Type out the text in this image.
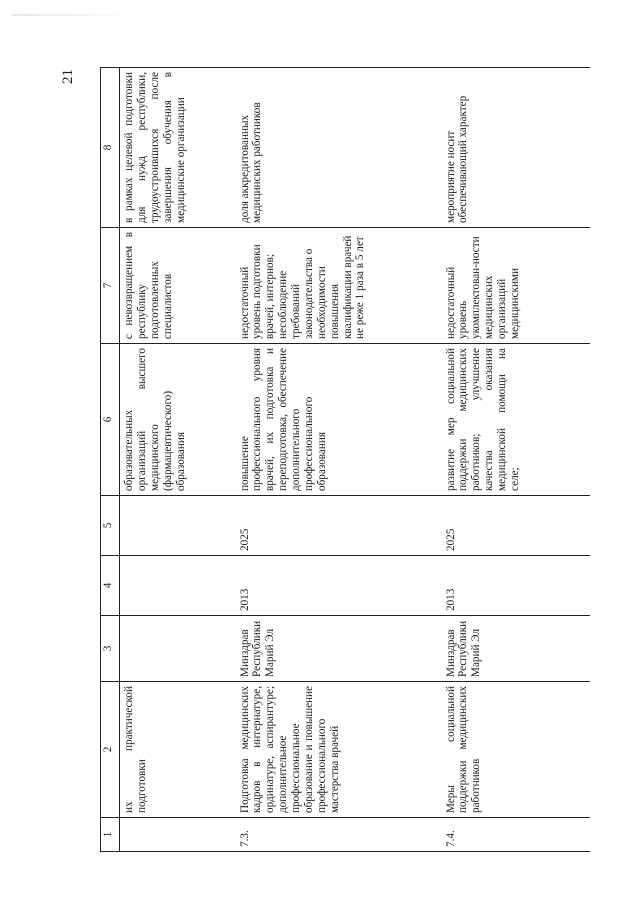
21
1	2	3	4	5	6	7	8
	их практической подготовки				образовательных организаций высшего медицинского (фармацевтического) образования	с невозвращением в республику подготовленных специалистов	в рамках целевой подготовки для нужд республики, трудоустроившихся после завершения обучения в медицинские организации
7.3.	Подготовка медицинских кадров в интернатуре, ординатуре, аспирантуре; дополнительное профессиональное образование и повышение профессионального мастерства врачей	Минздрав Республики Марий Эл	2013	2025	повышение профессионального уровня врачей, их подготовка и переподготовка, обеспечение дополнительного профессионального образования	недостаточный уровень подготовки врачей, интернов; несоблюдение требований законодательства о необходимости повышения квалификации врачей не реже 1 раза в 5 лет	доля аккредитованных медицинских работников
7.4.	Меры социальной поддержки медицинских работников	Минздрав Республики Марий Эл	2013	2025	развитие мер социальной поддержки медицинских работников; улучшение качества оказания медицинской помощи на селе;	недостаточный уровень укомплектован-ности медицинских организаций медицинскими	мероприятие носит обеспечивающий характер
